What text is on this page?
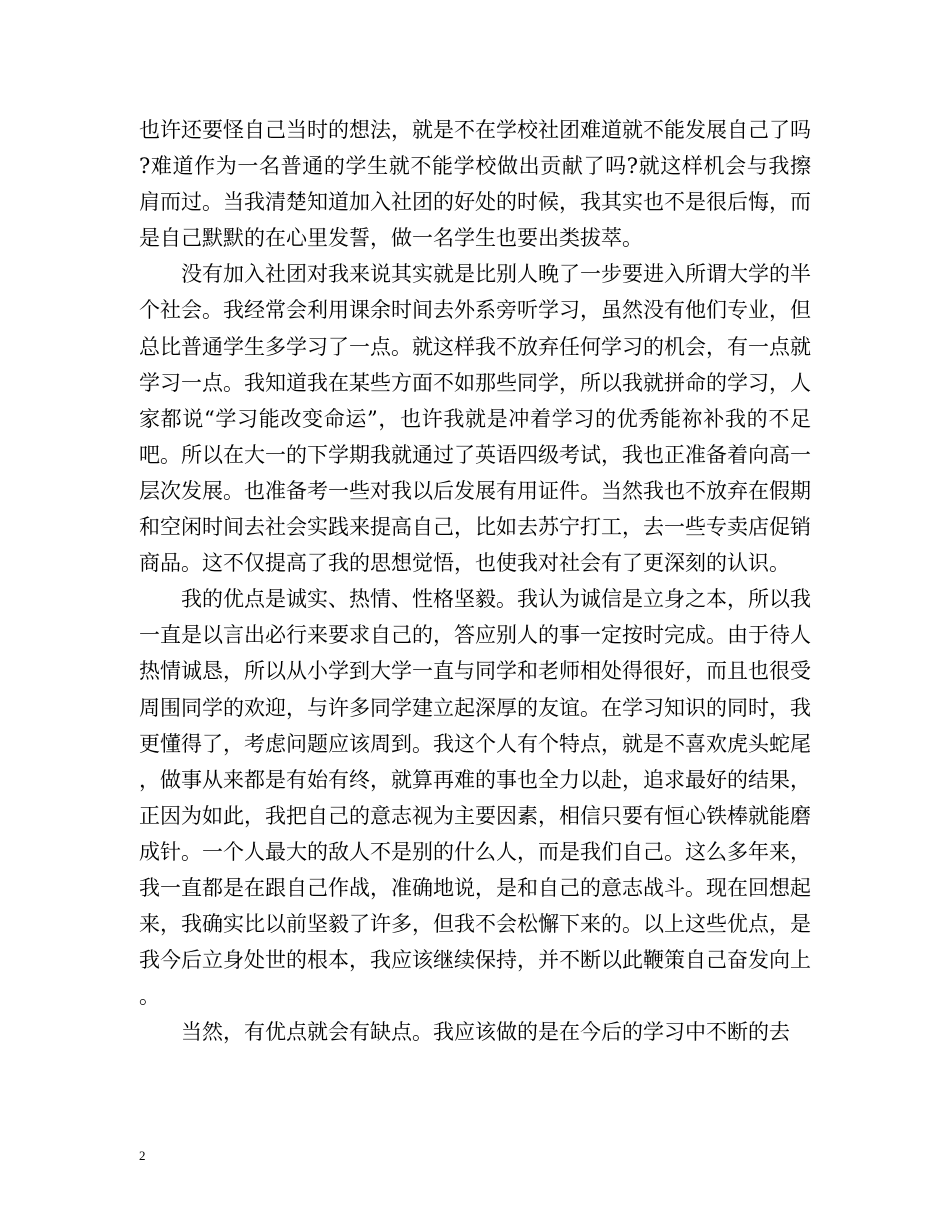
也许还要怪自己当时的想法，就是不在学校社团难道就不能发展自己了吗?难道作为一名普通的学生就不能学校做出贡献了吗?就这样机会与我擦肩而过。当我清楚知道加入社团的好处的时候，我其实也不是很后悔，而是自己默默的在心里发誓，做一名学生也要出类拔萃。

没有加入社团对我来说其实就是比别人晚了一步要进入所谓大学的半个社会。我经常会利用课余时间去外系旁听学习，虽然没有他们专业，但总比普通学生多学习了一点。就这样我不放弃任何学习的机会，有一点就学习一点。我知道我在某些方面不如那些同学，所以我就拼命的学习，人家都说“学习能改变命运”，也许我就是冲着学习的优秀能祢补我的不足吧。所以在大一的下学期我就通过了英语四级考试，我也正准备着向高一层次发展。也准备考一些对我以后发展有用证件。当然我也不放弃在假期和空闲时间去社会实践来提高自己，比如去苏宁打工，去一些专卖店促销商品。这不仅提高了我的思想觉悟，也使我对社会有了更深刻的认识。

我的优点是诚实、热情、性格坚毅。我认为诚信是立身之本，所以我一直是以言出必行来要求自己的，答应别人的事一定按时完成。由于待人热情诚恳，所以从小学到大学一直与同学和老师相处得很好，而且也很受周围同学的欢迎，与许多同学建立起深厚的友谊。在学习知识的同时，我更懂得了，考虑问题应该周到。我这个人有个特点，就是不喜欢虎头蛇尾，做事从来都是有始有终，就算再难的事也全力以赴，追求最好的结果，正因为如此，我把自己的意志视为主要因素，相信只要有恒心铁棒就能磨成针。一个人最大的敌人不是别的什么人，而是我们自己。这么多年来，我一直都是在跟自己作战，准确地说，是和自己的意志战斗。现在回想起来，我确实比以前坚毅了许多，但我不会松懈下来的。以上这些优点，是我今后立身处世的根本，我应该继续保持，并不断以此鞭策自己奋发向上。

当然，有优点就会有缺点。我应该做的是在今后的学习中不断的去

2
